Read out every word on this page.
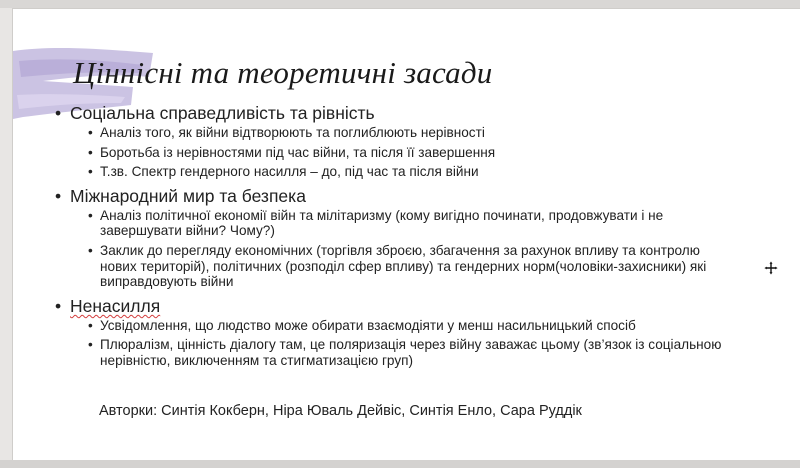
Ціннісні та теоретичні засади
• Соціальна справедливість та рівність
• Аналіз того, як війни відтворюють та поглиблюють нерівності
• Боротьба із нерівностями під час війни, та після її завершення
• Т.зв. Спектр гендерного насилля – до, під час та після війни
• Міжнародний мир та безпека
• Аналіз політичної економії війн та мілітаризму (кому вигідно починати, продовжувати і не завершувати війни? Чому?)
• Заклик до перегляду економічних (торгівля зброєю, збагачення за рахунок впливу та контролю нових територій), політичних (розподіл сфер впливу) та гендерних норм(чоловіки-захисники) які виправдовують війни
• Ненасилля
• Усвідомлення, що людство може обирати взаємодіяти у менш насильницький спосіб
• Плюралізм, цінність діалогу там, це поляризація через війну заважає цьому (зв’язок із соціальною нерівністю, виключенням та стигматизацією груп)
Авторки: Синтія Кокберн, Ніра Юваль Дейвіс, Синтія Енло, Сара Руддік
